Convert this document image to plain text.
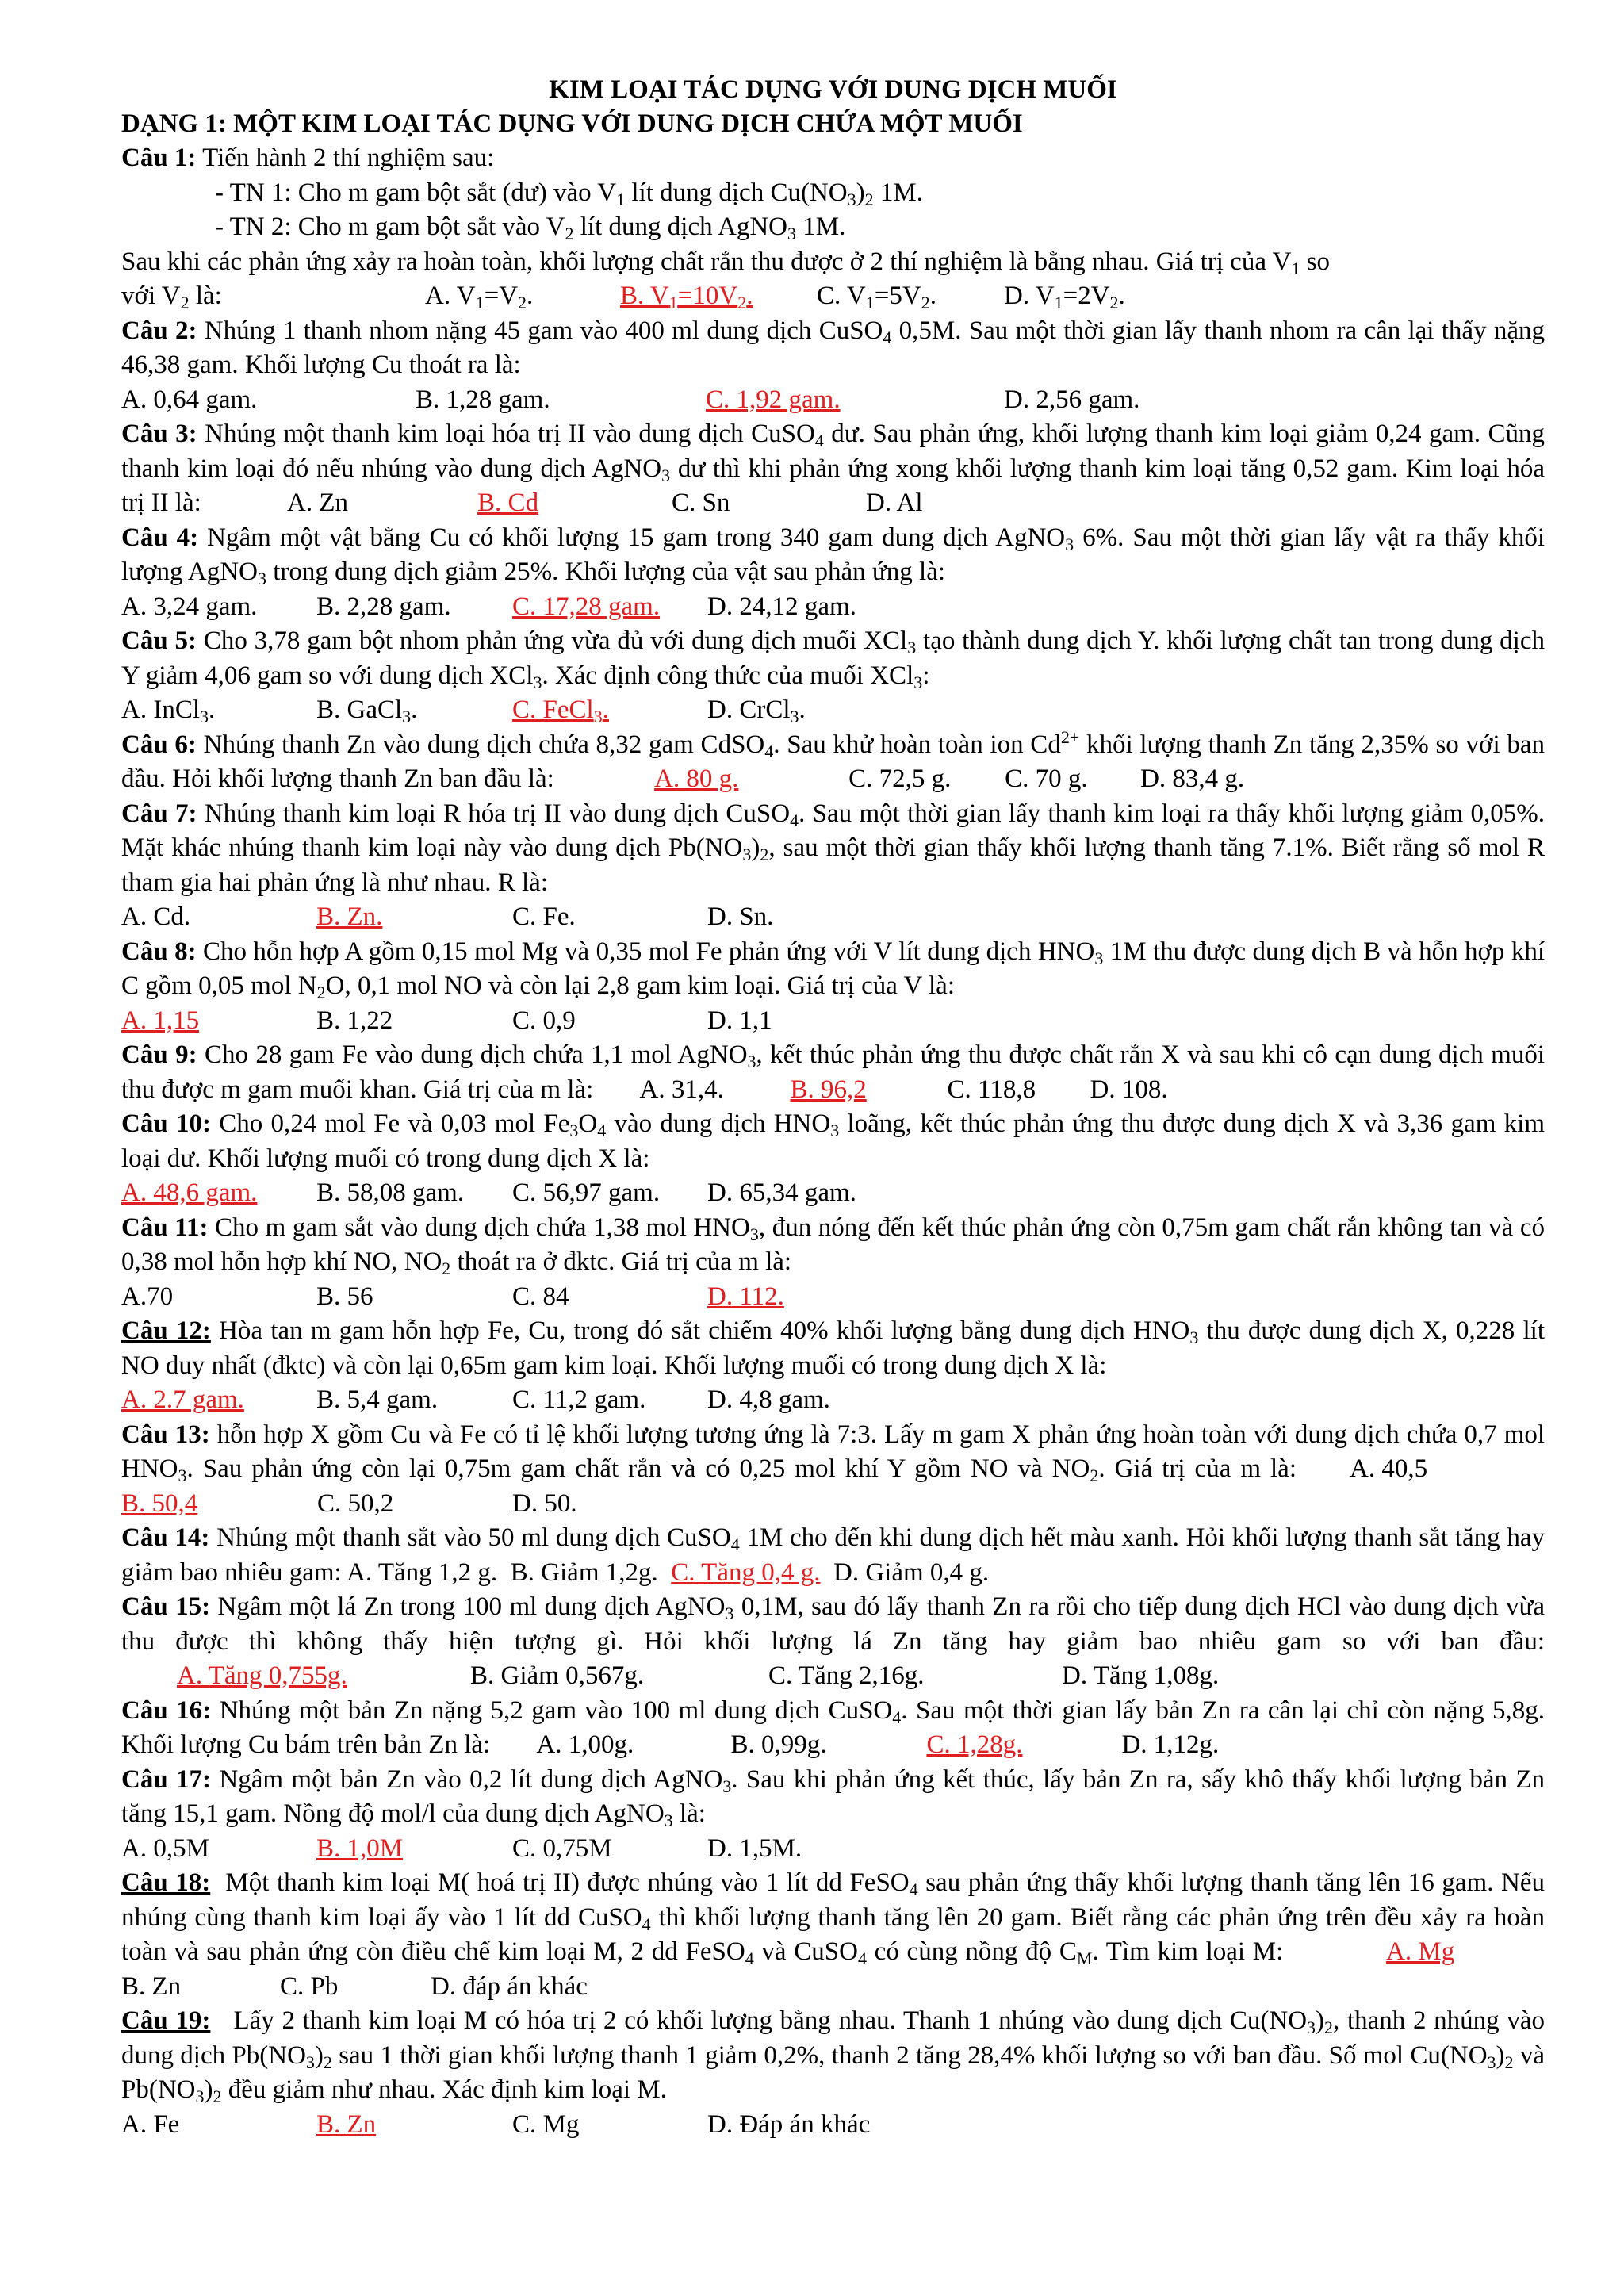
KIM LOẠI TÁC DỤNG VỚI DUNG DỊCH MUỐI
DẠNG 1: MỘT KIM LOẠI TÁC DỤNG VỚI DUNG DỊCH CHỨA MỘT MUỐI
Câu 1: Tiến hành 2 thí nghiệm sau:
- TN 1: Cho m gam bột sắt (dư) vào $V_1$ lít dung dịch $Cu(NO_3)_2$ 1M.
- TN 2: Cho m gam bột sắt vào $V_2$ lít dung dịch AgNO$_3$ 1M.
Sau khi các phản ứng xảy ra hoàn toàn, khối lượng chất rắn thu được ở 2 thí nghiệm là bằng nhau. Giá trị của $V_1$ so
với $V_2$ là:	A. $V_1=V_2$.	B. $V_1=10V_2$.	C. $V_1=5V_2$.	D. $V_1=2V_2$.
Câu 2: Nhúng 1 thanh nhom nặng 45 gam vào 400 ml dung dịch CuSO$_4$ 0,5M. Sau một thời gian lấy thanh nhom ra cân lại thấy nặng 46,38 gam. Khối lượng Cu thoát ra là:
A. 0,64 gam.	B. 1,28 gam.	C. 1,92 gam.	D. 2,56 gam.
Câu 3: Nhúng một thanh kim loại hóa trị II vào dung dịch CuSO$_4$ dư. Sau phản ứng, khối lượng thanh kim loại giảm 0,24 gam. Cũng thanh kim loại đó nếu nhúng vào dung dịch AgNO$_3$ dư thì khi phản ứng xong khối lượng thanh kim loại tăng 0,52 gam. Kim loại hóa trị II là:	A. Zn	B. Cd	C. Sn	D. Al
Câu 4: Ngâm một vật bằng Cu có khối lượng 15 gam trong 340 gam dung dịch AgNO$_3$ 6%. Sau một thời gian lấy vật ra thấy khối lượng AgNO$_3$ trong dung dịch giảm 25%. Khối lượng của vật sau phản ứng là:
A. 3,24 gam.	B. 2,28 gam.	C. 17,28 gam.	D. 24,12 gam.
Câu 5: Cho 3,78 gam bột nhom phản ứng vừa đủ với dung dịch muối XCl$_3$ tạo thành dung dịch Y. khối lượng chất tan trong dung dịch Y giảm 4,06 gam so với dung dịch XCl$_3$. Xác định công thức của muối XCl$_3$:
A. InCl$_3$.	B. GaCl$_3$.	C. FeCl$_3$.	D. CrCl$_3$.
Câu 6: Nhúng thanh Zn vào dung dịch chứa 8,32 gam CdSO$_4$. Sau khử hoàn toàn ion $Cd^{2+}$ khối lượng thanh Zn tăng 2,35% so với ban đầu. Hỏi khối lượng thanh Zn ban đầu là:	A. 80 g.	C. 72,5 g. C. 70 g. D. 83,4 g.
Câu 7: Nhúng thanh kim loại R hóa trị II vào dung dịch CuSO$_4$. Sau một thời gian lấy thanh kim loại ra thấy khối lượng giảm 0,05%. Mặt khác nhúng thanh kim loại này vào dung dịch $Pb(NO_3)_2$, sau một thời gian thấy khối lượng thanh tăng 7.1%. Biết rằng số mol R tham gia hai phản ứng là như nhau. R là:
A. Cd.	B. Zn.	C. Fe.	D. Sn.
Câu 8: Cho hỗn hợp A gồm 0,15 mol Mg và 0,35 mol Fe phản ứng với V lít dung dịch $HNO_3$ 1M thu được dung dịch B và hỗn hợp khí C gồm 0,05 mol $N_2O$, 0,1 mol NO và còn lại 2,8 gam kim loại. Giá trị của V là:
A. 1,15	B. 1,22	C. 0,9	D. 1,1
Câu 9: Cho 28 gam Fe vào dung dịch chứa 1,1 mol AgNO$_3$, kết thúc phản ứng thu được chất rắn X và sau khi cô cạn dung dịch muối thu được m gam muối khan. Giá trị của m là: A. 31,4.	B. 96,2	C. 118,8 D. 108.
Câu 10: Cho 0,24 mol Fe và 0,03 mol $Fe_3O_4$ vào dung dịch $HNO_3$ loãng, kết thúc phản ứng thu được dung dịch X và 3,36 gam kim loại dư. Khối lượng muối có trong dung dịch X là:
A. 48,6 gam.	B. 58,08 gam.	C. 56,97 gam.	D. 65,34 gam.
Câu 11: Cho m gam sắt vào dung dịch chứa 1,38 mol $HNO_3$, đun nóng đến kết thúc phản ứng còn 0,75m gam chất rắn không tan và có 0,38 mol hỗn hợp khí NO, $NO_2$ thoát ra ở đktc. Giá trị của m là:
A.70	B. 56	C. 84	D. 112.
Câu 12: Hòa tan m gam hỗn hợp Fe, Cu, trong đó sắt chiếm 40% khối lượng bằng dung dịch $HNO_3$ thu được dung dịch X, 0,228 lít NO duy nhất (đktc) và còn lại 0,65m gam kim loại. Khối lượng muối có trong dung dịch X là:
A. 2.7 gam.	B. 5,4 gam.	C. 11,2 gam.	D. 4,8 gam.
Câu 13: hỗn hợp X gồm Cu và Fe có tỉ lệ khối lượng tương ứng là 7:3. Lấy m gam X phản ứng hoàn toàn với dung dịch chứa 0,7 mol $HNO_3$. Sau phản ứng còn lại 0,75m gam chất rắn và có 0,25 mol khí Y gồm NO và $NO_2$. Giá trị của m là: A. 40,5B. 50,4	C. 50,2	D. 50.
Câu 14: Nhúng một thanh sắt vào 50 ml dung dịch CuSO$_4$ 1M cho đến khi dung dịch hết màu xanh. Hỏi khối lượng thanh sắt tăng hay giảm bao nhiêu gam: A. Tăng 1,2 g. B. Giảm 1,2g. C. Tăng 0,4 g. D. Giảm 0,4 g.
Câu 15: Ngâm một lá Zn trong 100 ml dung dịch AgNO$_3$ 0,1M, sau đó lấy thanh Zn ra rồi cho tiếp dung dịch HCl vào dung dịch vừa thu được thì không thấy hiện tượng gì. Hỏi khối lượng lá Zn tăng hay giảm bao nhiêu gam so với ban đầu: A. Tăng 0,755g.	B. Giảm 0,567g.	C. Tăng 2,16g.	D. Tăng 1,08g.
Câu 16: Nhúng một bản Zn nặng 5,2 gam vào 100 ml dung dịch CuSO$_4$. Sau một thời gian lấy bản Zn ra cân lại chỉ còn nặng 5,8g. Khối lượng Cu bám trên bản Zn là: A. 1,00g.	B. 0,99g.	C. 1,28g.	D. 1,12g.
Câu 17: Ngâm một bản Zn vào 0,2 lít dung dịch AgNO$_3$. Sau khi phản ứng kết thúc, lấy bản Zn ra, sấy khô thấy khối lượng bản Zn tăng 15,1 gam. Nồng độ mol/l của dung dịch AgNO$_3$ là:
A. 0,5M	B. 1,0M	C. 0,75M	D. 1,5M.
Câu 18: Một thanh kim loại M( hoá trị II) được nhúng vào 1 lít dd FeSO$_4$ sau phản ứng thấy khối lượng thanh tăng lên 16 gam. Nếu nhúng cùng thanh kim loại ấy vào 1 lít dd CuSO$_4$ thì khối lượng thanh tăng lên 20 gam. Biết rằng các phản ứng trên đều xảy ra hoàn toàn và sau phản ứng còn điều chế kim loại M, 2 dd FeSO$_4$ và CuSO$_4$ có cùng nồng độ $C_M$. Tìm kim loại M:	A. MgB. Zn	C. Pb	D. đáp án khác
Câu 19: Lấy 2 thanh kim loại M có hóa trị 2 có khối lượng bằng nhau. Thanh 1 nhúng vào dung dịch $Cu(NO_3)_2$, thanh 2 nhúng vào dung dịch $Pb(NO_3)_2$ sau 1 thời gian khối lượng thanh 1 giảm 0,2%, thanh 2 tăng 28,4% khối lượng so với ban đầu. Số mol $Cu(NO_3)_2$ và $Pb(NO_3)_2$ đều giảm như nhau. Xác định kim loại M.
A. Fe	B. Zn	C. Mg	D. Đáp án khác
